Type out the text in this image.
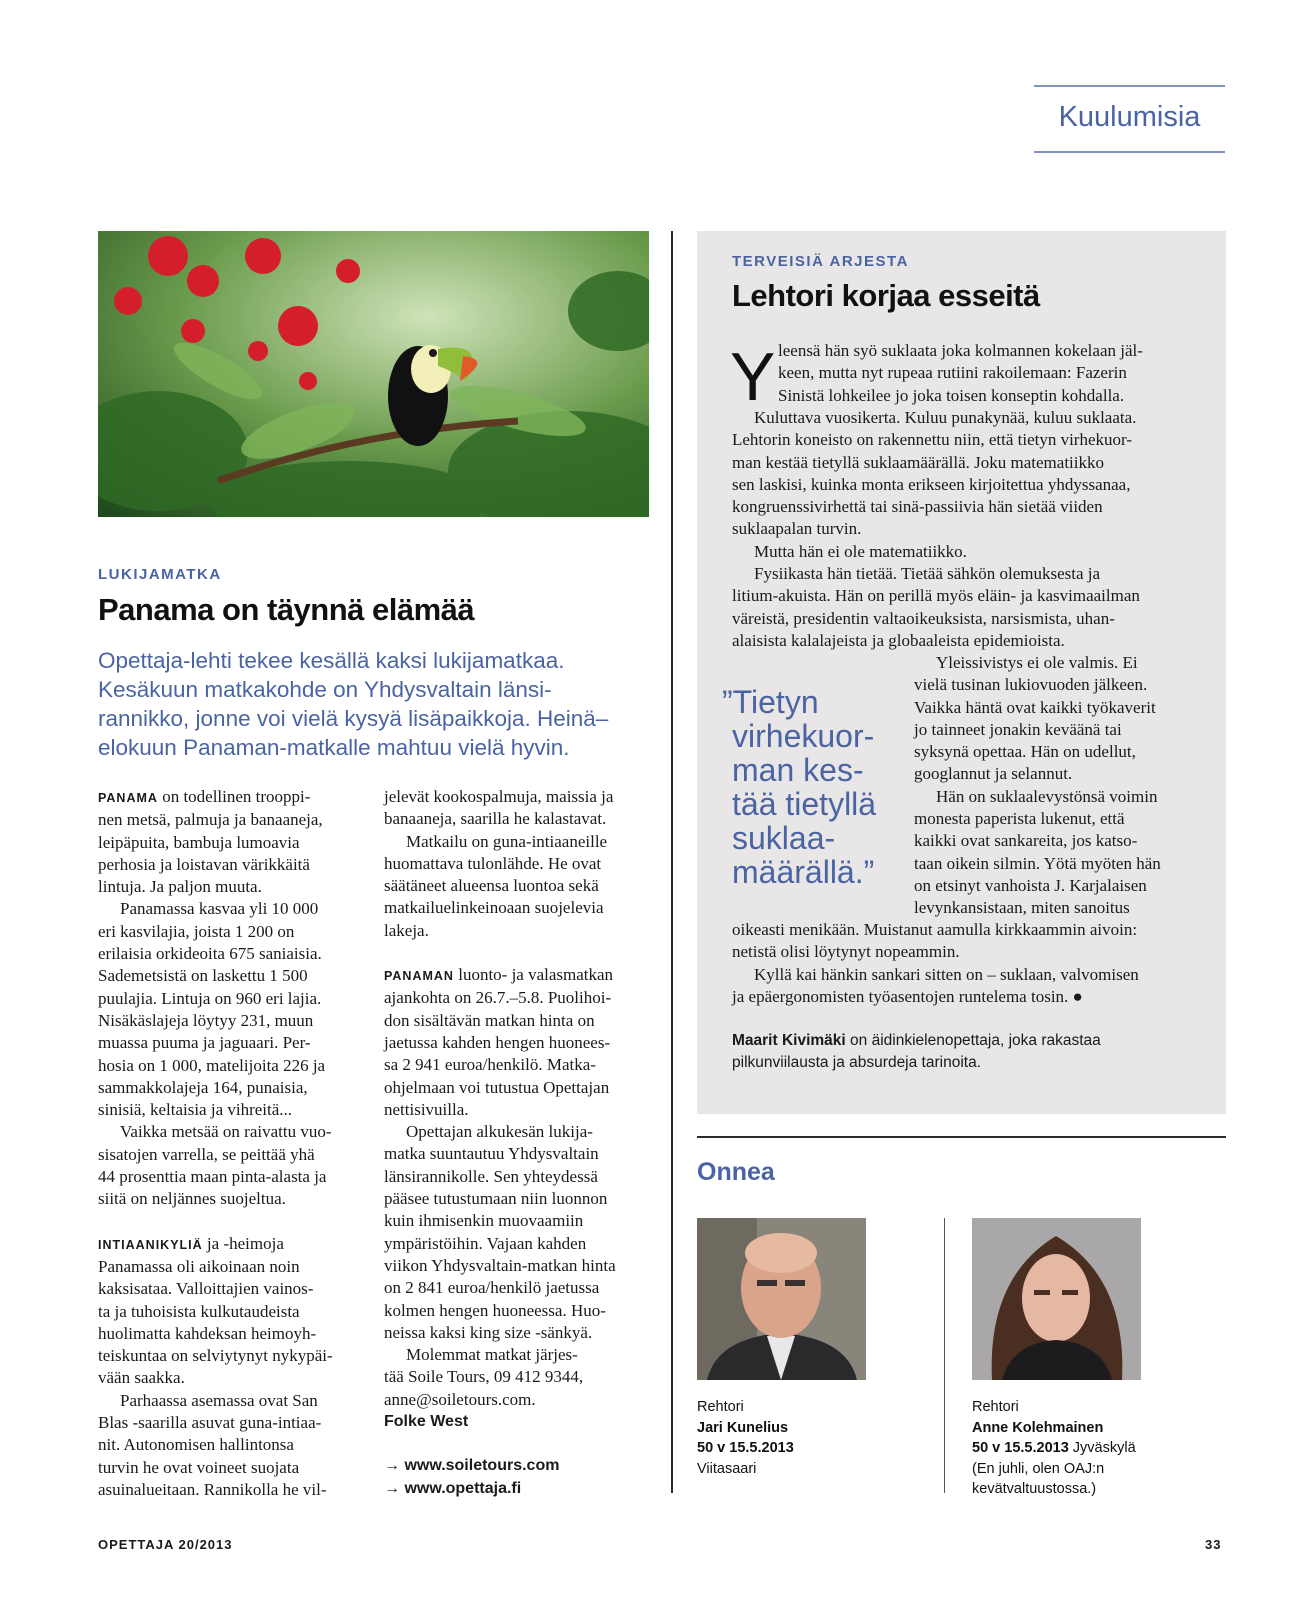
Kuulumisia
LUKIJAMATKA
Panama on täynnä elämää

Opettaja-lehti tekee kesällä kaksi lukijamatkaa.

Kesäkuun matkakohde on Yhdysvaltain länsi-

rannikko, jonne voi vielä kysyä lisäpaikkoja. Heinä–

elokuun Panaman-matkalle mahtuu vielä hyvin.

PANAMA on todellinen trooppi-

nen metsä, palmuja ja banaaneja,

leipäpuita, bambuja lumoavia

perhosia ja loistavan värikkäitä

lintuja. Ja paljon muuta.

Panamassa kasvaa yli 10 000

eri kasvilajia, joista 1 200 on

erilaisia orkideoita 675 saniaisia.

Sademetsistä on laskettu 1 500

puulajia. Lintuja on 960 eri lajia.

Nisäkäslajeja löytyy 231, muun

muassa puuma ja jaguaari. Per-

hosia on 1 000, matelijoita 226 ja

sammakkolajeja 164, punaisia,

sinisiä, keltaisia ja vihreitä...

Vaikka metsää on raivattu vuo-

sisatojen varrella, se peittää yhä

44 prosenttia maan pinta-alasta ja

siitä on neljännes suojeltua.

INTIAANIKYLIÄ ja -heimoja

Panamassa oli aikoinaan noin

kaksisataa. Valloittajien vainos-

ta ja tuhoisista kulkutaudeista

huolimatta kahdeksan heimoyh-

teiskuntaa on selviytynyt nykypäi-

vään saakka.

Parhaassa asemassa ovat San

Blas -saarilla asuvat guna-intiaa-

nit. Autonomisen hallintonsa

turvin he ovat voineet suojata

asuinalueitaan. Rannikolla he vil-

jelevät kookospalmuja, maissia ja

banaaneja, saarilla he kalastavat.

Matkailu on guna-intiaaneille

huomattava tulonlähde. He ovat

säätäneet alueensa luontoa sekä

matkailuelinkeinoaan suojelevia

lakeja.

PANAMAN luonto- ja valasmatkan

ajankohta on 26.7.–5.8. Puolihoi-

don sisältävän matkan hinta on

jaetussa kahden hengen huonees-

sa 2 941 euroa/henkilö. Matka-

ohjelmaan voi tutustua Opettajan

nettisivuilla.

Opettajan alkukesän lukija-

matka suuntautuu Yhdysvaltain

länsirannikolle. Sen yhteydessä

pääsee tutustumaan niin luonnon

kuin ihmisenkin muovaamiin

ympäristöihin. Vajaan kahden

viikon Yhdysvaltain-matkan hinta

on 2 841 euroa/henkilö jaetussa

kolmen hengen huoneessa. Huo-

neissa kaksi king size -sänkyä.

Molemmat matkat järjes-

tää Soile Tours, 09 412 9344,

anne@soiletours.com.

Folke West

→ www.soiletours.com

→ www.opettaja.fi

TERVEISIÄ ARJESTA
Lehtori korjaa esseitä
Y leensä hän syö suklaata joka kolmannen kokelaan jäl-

keen, mutta nyt rupeaa rutiini rakoilemaan: Fazerin

Sinistä lohkeilee jo joka toisen konseptin kohdalla.

Kuluttava vuosikerta. Kuluu punakynää, kuluu suklaata.

Lehtorin koneisto on rakennettu niin, että tietyn virhekuor-

man kestää tietyllä suklaamäärällä. Joku matematiikko

sen laskisi, kuinka monta erikseen kirjoitettua yhdyssanaa,

kongruenssivirhettä tai sinä-passiivia hän sietää viiden

suklaapalan turvin.

Mutta hän ei ole matematiikko.

Fysiikasta hän tietää. Tietää sähkön olemuksesta ja

litium-akuista. Hän on perillä myös eläin- ja kasvimaailman

väreistä, presidentin valtaoikeuksista, narsismista, uhan-

alaisista kalalajeista ja globaaleista epidemioista.

”Tietyn
virhekuor-
man kes-
tää tietyllä
suklaa-
määrällä.”

Yleissivistys ei ole valmis. Ei

vielä tusinan lukiovuoden jälkeen.

Vaikka häntä ovat kaikki työkaverit

jo tainneet jonakin keväänä tai

syksynä opettaa. Hän on udellut,

googlannut ja selannut.

Hän on suklaalevystönsä voimin

monesta paperista lukenut, että

kaikki ovat sankareita, jos katso-

taan oikein silmin. Yötä myöten hän

on etsinyt vanhoista J. Karjalaisen

levynkansistaan, miten sanoitus

oikeasti menikään. Muistanut aamulla kirkkaammin aivoin:

netistä olisi löytynyt nopeammin.

Kyllä kai hänkin sankari sitten on – suklaan, valvomisen

ja epäergonomisten työasentojen runtelema tosin. ●

Maarit Kivimäki on äidinkielenopettaja, joka rakastaa
pilkunviilausta ja absurdeja tarinoita.
Onnea
Rehtori
Jari Kunelius
50 v 15.5.2013
Viitasaari
Rehtori
Anne Kolehmainen
50 v 15.5.2013 Jyväskylä
(En juhli, olen OAJ:n
kevätvaltuustossa.)
OPETTAJA 20/2013	33
